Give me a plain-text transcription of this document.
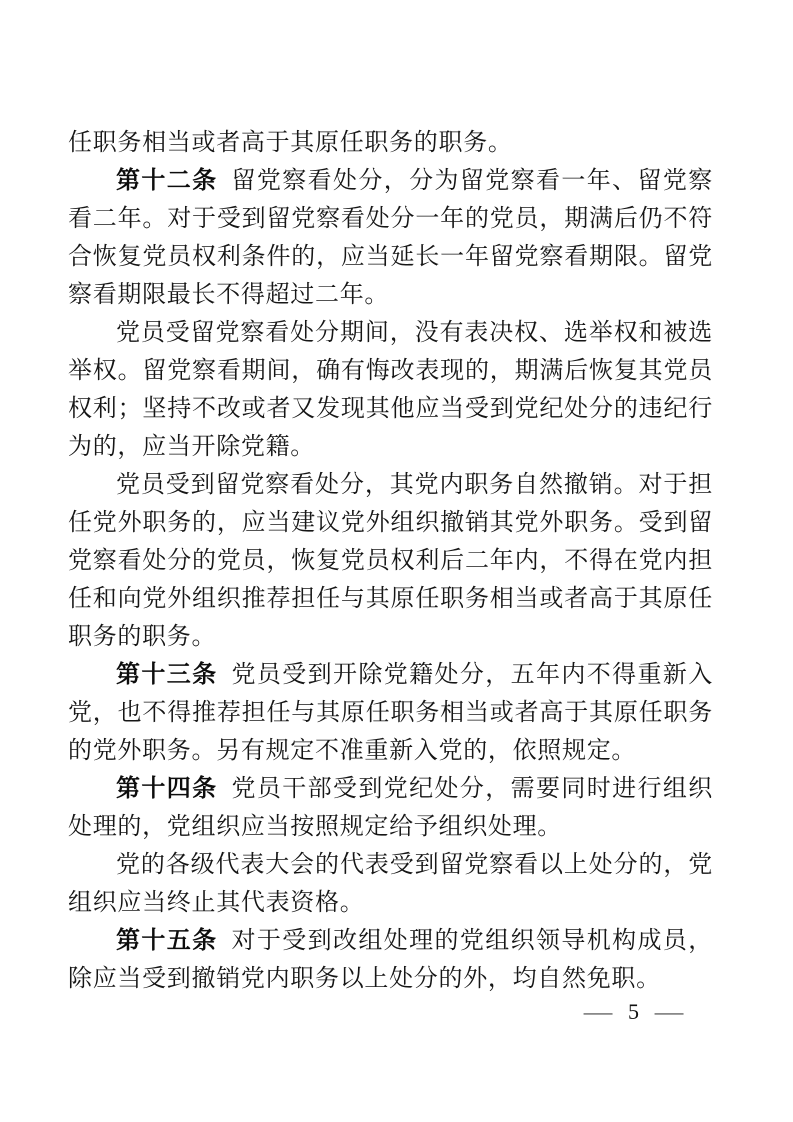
任职务相当或者高于其原任职务的职务。

第十二条 留党察看处分，分为留党察看一年、留党察看二年。对于受到留党察看处分一年的党员，期满后仍不符合恢复党员权利条件的，应当延长一年留党察看期限。留党察看期限最长不得超过二年。

党员受留党察看处分期间，没有表决权、选举权和被选举权。留党察看期间，确有悔改表现的，期满后恢复其党员权利；坚持不改或者又发现其他应当受到党纪处分的违纪行为的，应当开除党籍。

党员受到留党察看处分，其党内职务自然撤销。对于担任党外职务的，应当建议党外组织撤销其党外职务。受到留党察看处分的党员，恢复党员权利后二年内，不得在党内担任和向党外组织推荐担任与其原任职务相当或者高于其原任职务的职务。

第十三条 党员受到开除党籍处分，五年内不得重新入党，也不得推荐担任与其原任职务相当或者高于其原任职务的党外职务。另有规定不准重新入党的，依照规定。

第十四条 党员干部受到党纪处分，需要同时进行组织处理的，党组织应当按照规定给予组织处理。

党的各级代表大会的代表受到留党察看以上处分的，党组织应当终止其代表资格。

第十五条 对于受到改组处理的党组织领导机构成员，除应当受到撤销党内职务以上处分的外，均自然免职。

— 5 —
